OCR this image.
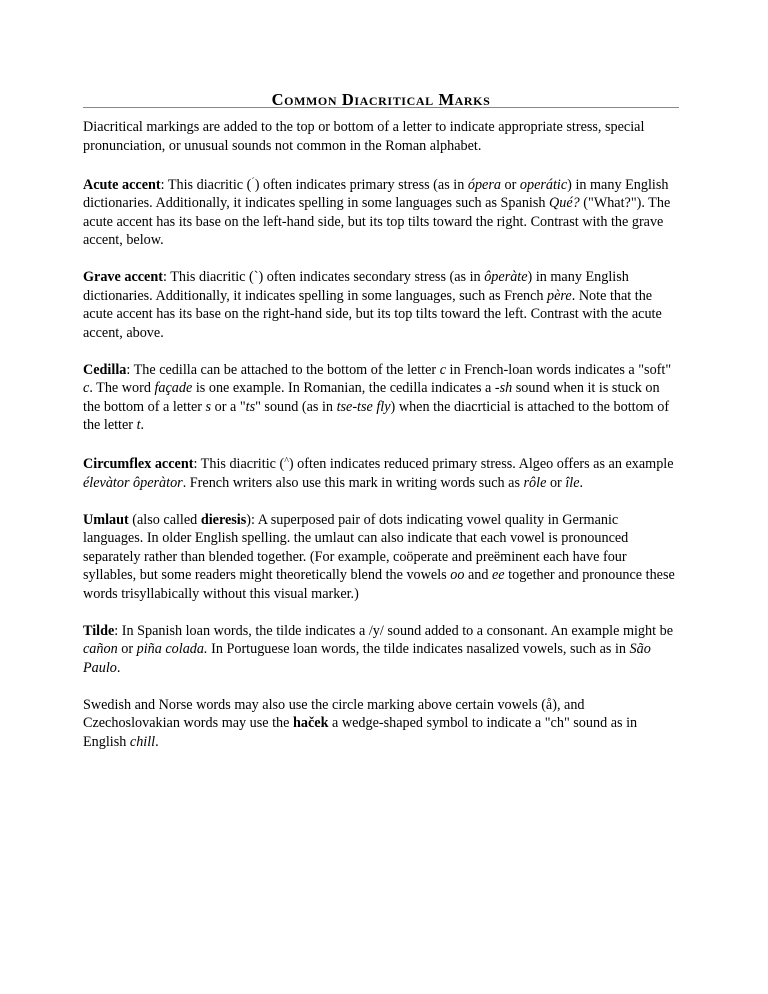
Common Diacritical Marks

Diacritical markings are added to the top or bottom of a letter to indicate appropriate stress, special pronunciation, or unusual sounds not common in the Roman alphabet.

Acute accent: This diacritic (´) often indicates primary stress (as in ópera or operátic) in many English dictionaries. Additionally, it indicates spelling in some languages such as Spanish Qué? ("What?"). The acute accent has its base on the left-hand side, but its top tilts toward the right. Contrast with the grave accent, below.

Grave accent: This diacritic (`) often indicates secondary stress (as in ôperàte) in many English dictionaries. Additionally, it indicates spelling in some languages, such as French père. Note that the acute accent has its base on the right-hand side, but its top tilts toward the left. Contrast with the acute accent, above.

Cedilla: The cedilla can be attached to the bottom of the letter c in French-loan words indicates a "soft" c. The word façade is one example. In Romanian, the cedilla indicates a -sh sound when it is stuck on the bottom of a letter s or a "ts" sound (as in tse-tse fly) when the diacrticial is attached to the bottom of the letter t.

Circumflex accent: This diacritic (^) often indicates reduced primary stress. Algeo offers as an example élevàtor ôperàtor. French writers also use this mark in writing words such as rôle or île.

Umlaut (also called dieresis): A superposed pair of dots indicating vowel quality in Germanic languages. In older English spelling. the umlaut can also indicate that each vowel is pronounced separately rather than blended together. (For example, coöperate and preëminent each have four syllables, but some readers might theoretically blend the vowels oo and ee together and pronounce these words trisyllabically without this visual marker.)

Tilde: In Spanish loan words, the tilde indicates a /y/ sound added to a consonant. An example might be cañon or piña colada. In Portuguese loan words, the tilde indicates nasalized vowels, such as in São Paulo.

Swedish and Norse words may also use the circle marking above certain vowels (å), and Czechoslovakian words may use the haček a wedge-shaped symbol to indicate a "ch" sound as in English chill.
